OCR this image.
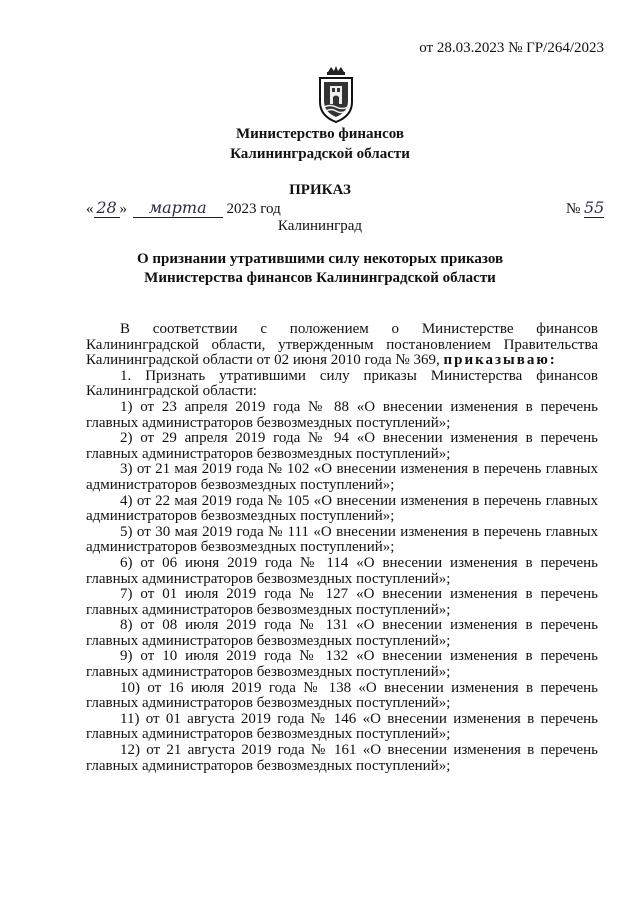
от 28.03.2023 № ГР/264/2023
Министерство финансов
Калининградской области
ПРИКАЗ
« 28 » марта 2023 год	№ 55
Калининград
О признании утратившими силу некоторых приказов
Министерства финансов Калининградской области

В соответствии с положением о Министерстве финансов

Калининградской области, утвержденным постановлением Правительства

Калининградской области от 02 июня 2010 года № 369, приказываю:

1. Признать утратившими силу приказы Министерства финансов

Калининградской области:

1) от 23 апреля 2019 года № 88 «О внесении изменения в перечень

главных администраторов безвозмездных поступлений»;

2) от 29 апреля 2019 года № 94 «О внесении изменения в перечень

главных администраторов безвозмездных поступлений»;

3) от 21 мая 2019 года № 102 «О внесении изменения в перечень главных

администраторов безвозмездных поступлений»;

4) от 22 мая 2019 года № 105 «О внесении изменения в перечень главных

администраторов безвозмездных поступлений»;

5) от 30 мая 2019 года № 111 «О внесении изменения в перечень главных

администраторов безвозмездных поступлений»;

6) от 06 июня 2019 года № 114 «О внесении изменения в перечень

главных администраторов безвозмездных поступлений»;

7) от 01 июля 2019 года № 127 «О внесении изменения в перечень

главных администраторов безвозмездных поступлений»;

8) от 08 июля 2019 года № 131 «О внесении изменения в перечень

главных администраторов безвозмездных поступлений»;

9) от 10 июля 2019 года № 132 «О внесении изменения в перечень

главных администраторов безвозмездных поступлений»;

10) от 16 июля 2019 года № 138 «О внесении изменения в перечень

главных администраторов безвозмездных поступлений»;

11) от 01 августа 2019 года № 146 «О внесении изменения в перечень

главных администраторов безвозмездных поступлений»;

12) от 21 августа 2019 года № 161 «О внесении изменения в перечень

главных администраторов безвозмездных поступлений»;
